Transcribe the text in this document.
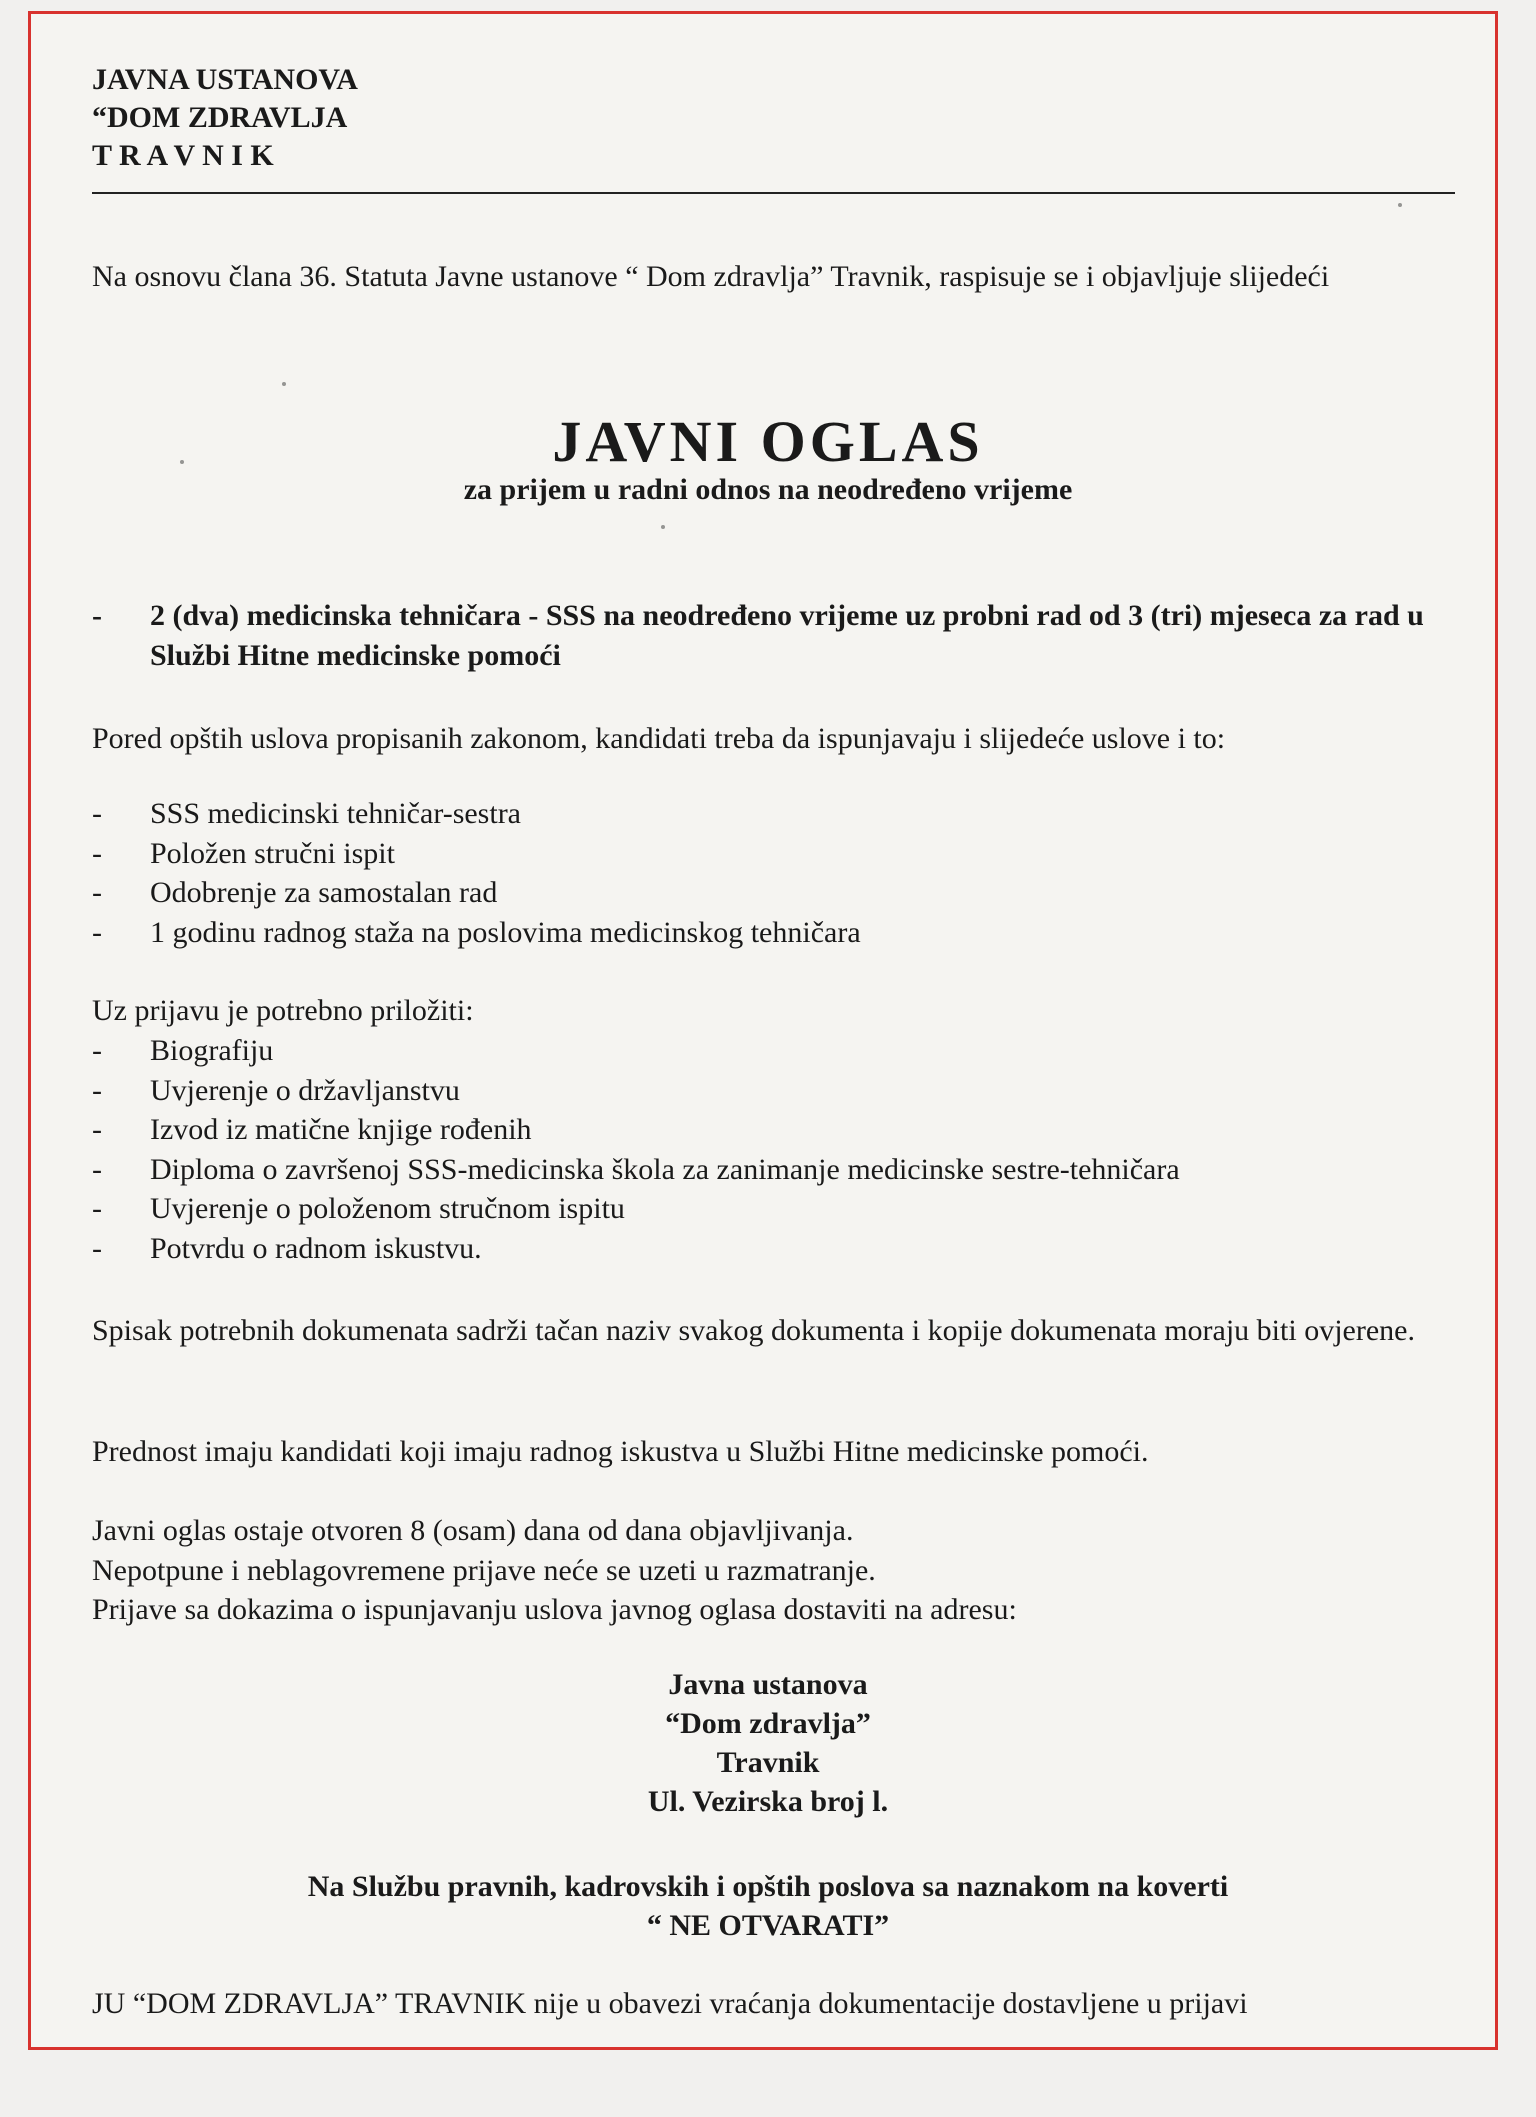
JAVNA USTANOVA

“DOM ZDRAVLJA

T R A V N I K

Na osnovu člana 36. Statuta Javne ustanove “ Dom zdravlja” Travnik, raspisuje se i objavljuje slijedeći

JAVNI OGLAS
za prijem u radni odnos na neodređeno vrijeme
- 2 (dva) medicinska tehničara - SSS na neodređeno vrijeme uz probni rad od 3 (tri) mjeseca za rad u Službi Hitne medicinske pomoći

Pored opštih uslova propisanih zakonom, kandidati treba da ispunjavaju i slijedeće uslove i to:

- SSS medicinski tehničar-sestra
- Položen stručni ispit
- Odobrenje za samostalan rad
- 1 godinu radnog staža na poslovima medicinskog tehničara

Uz prijavu je potrebno priložiti:

- Biografiju
- Uvjerenje o državljanstvu
- Izvod iz matične knjige rođenih
- Diploma o završenoj SSS-medicinska škola za zanimanje medicinske sestre-tehničara
- Uvjerenje o položenom stručnom ispitu
- Potvrdu o radnom iskustvu.

Spisak potrebnih dokumenata sadrži tačan naziv svakog dokumenta i kopije dokumenata moraju biti ovjerene.

Prednost imaju kandidati koji imaju radnog iskustva u Službi Hitne medicinske pomoći.

Javni oglas ostaje otvoren 8 (osam) dana od dana objavljivanja.

Nepotpune i neblagovremene prijave neće se uzeti u razmatranje.

Prijave sa dokazima o ispunjavanju uslova javnog oglasa dostaviti na adresu:

Javna ustanova
“Dom zdravlja”
Travnik
Ul. Vezirska broj l.
Na Službu pravnih, kadrovskih i opštih poslova sa naznakom na koverti
“ NE OTVARATI”

JU “DOM ZDRAVLJA” TRAVNIK nije u obavezi vraćanja dokumentacije dostavljene u prijavi
